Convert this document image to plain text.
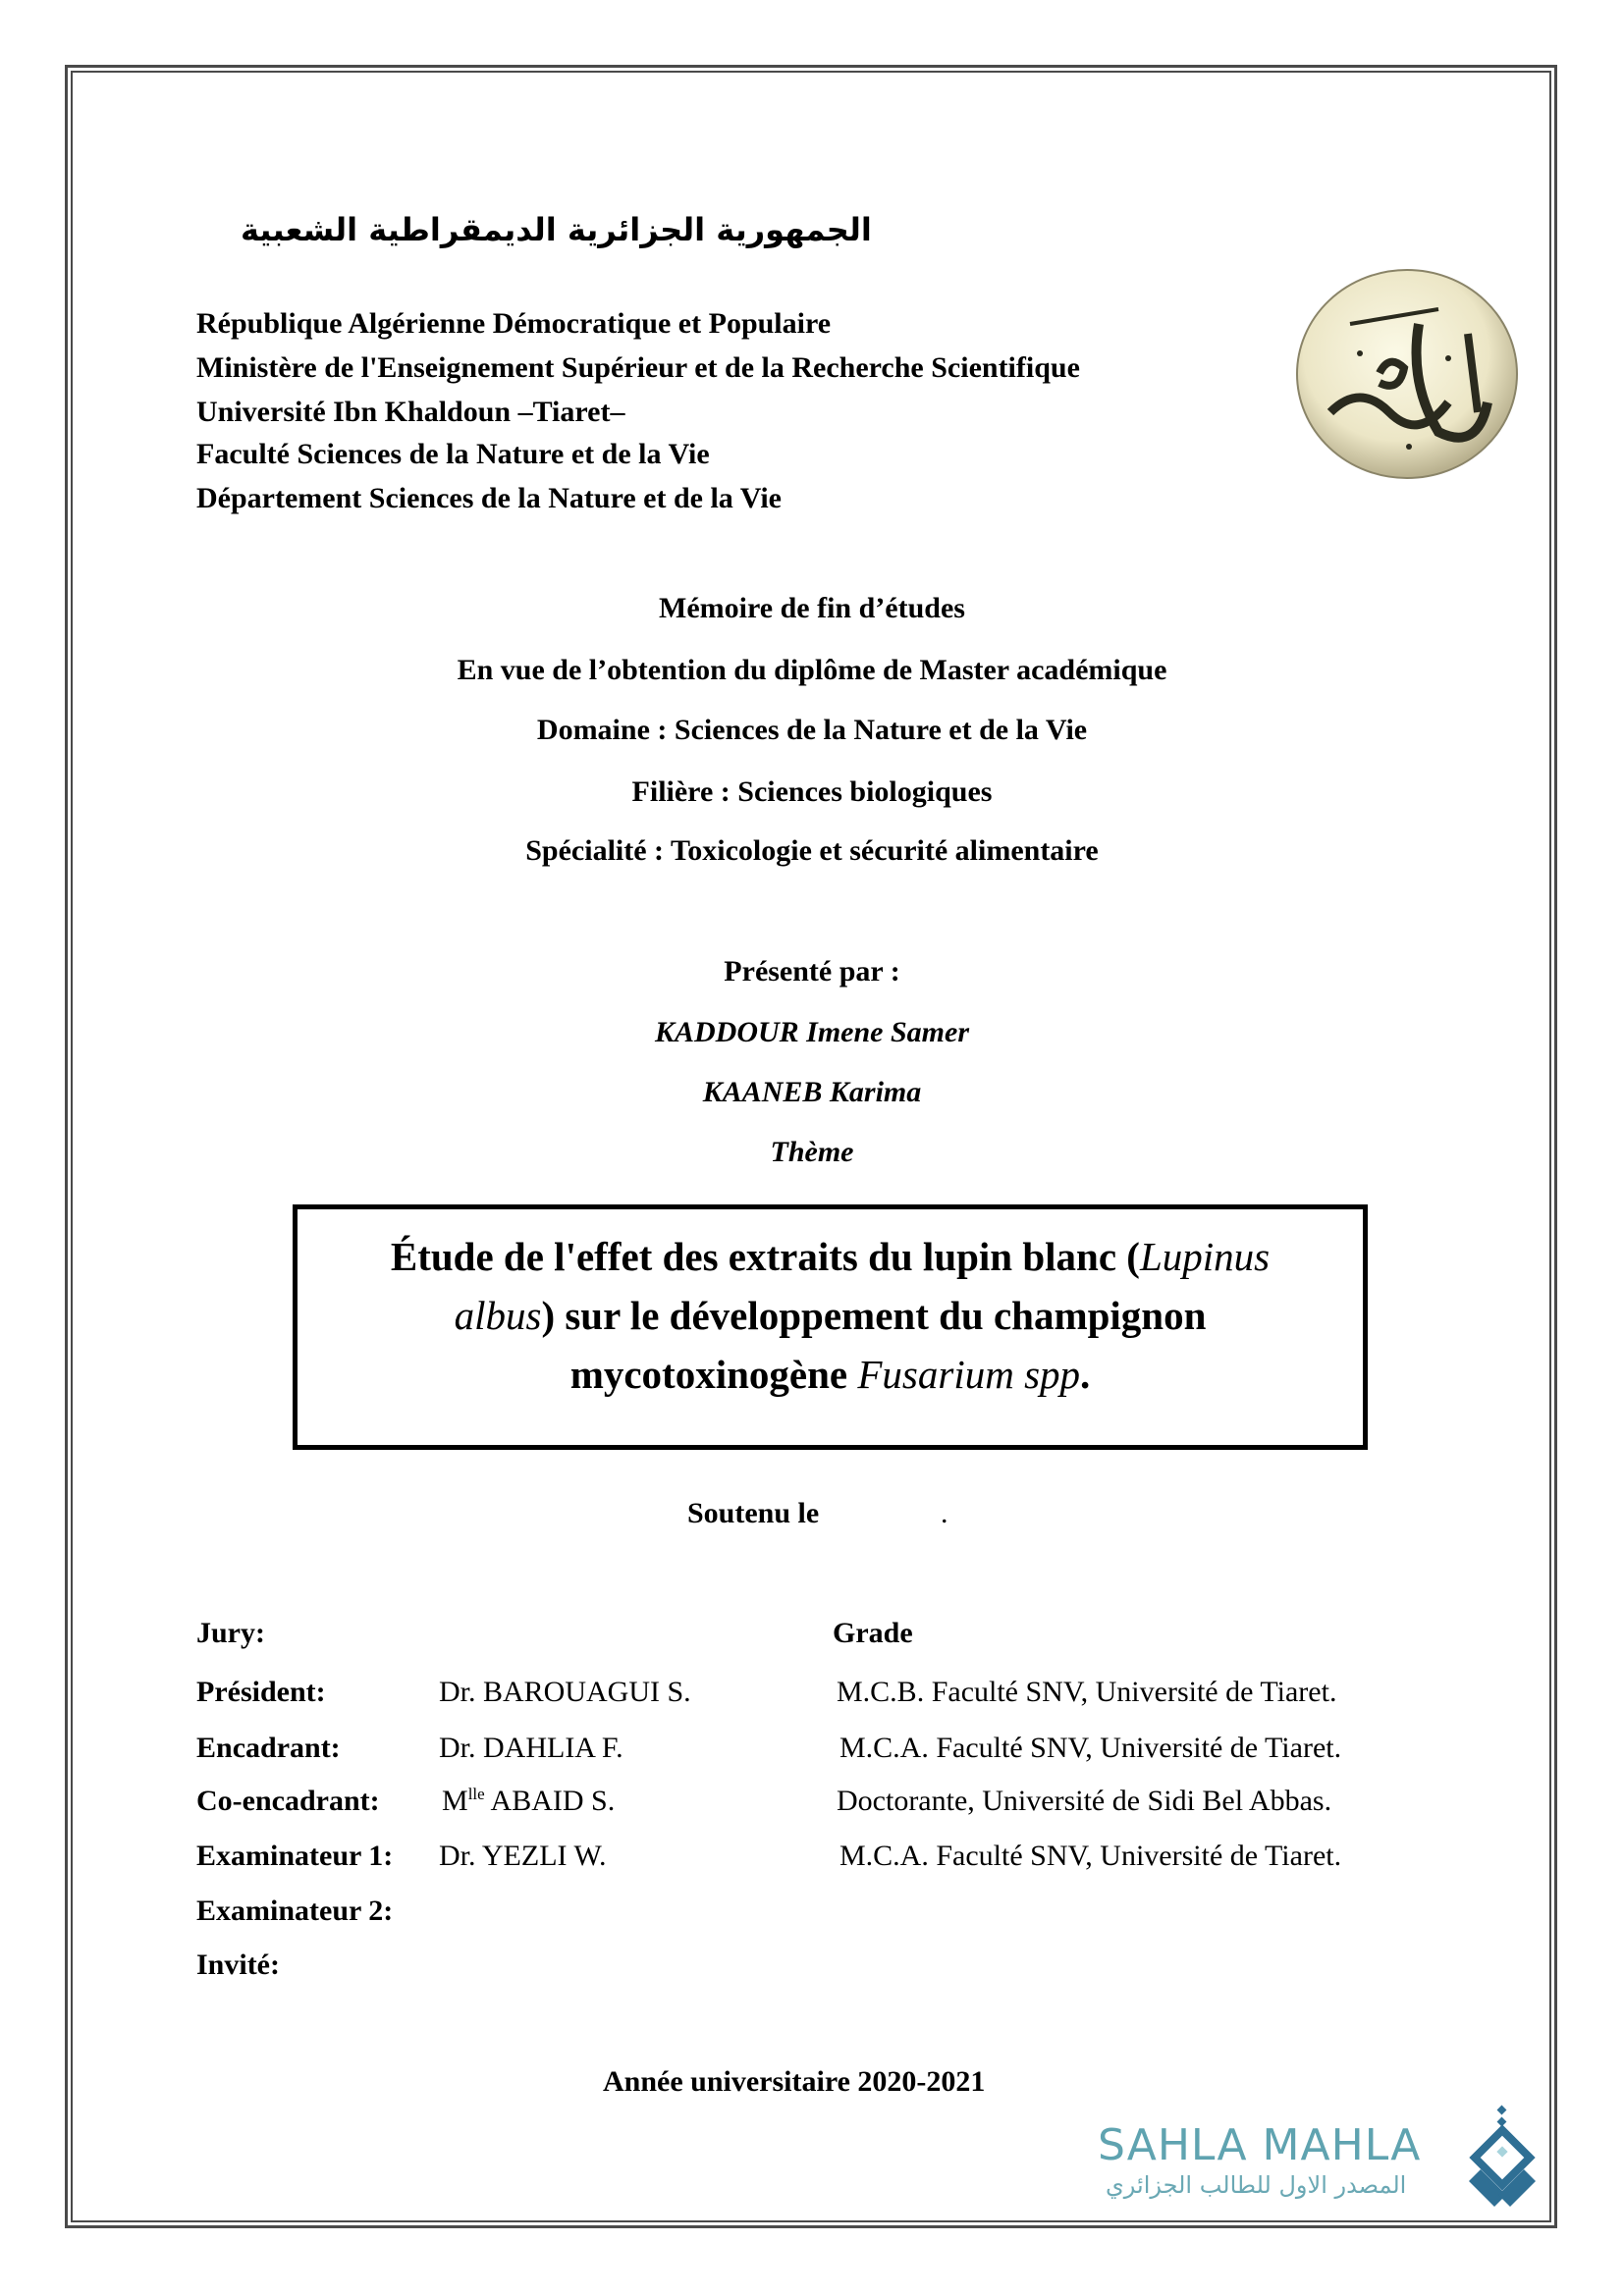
الجمهورية الجزائرية الديمقراطية الشعبية
République Algérienne Démocratique et Populaire
Ministère de l'Enseignement Supérieur et de la Recherche Scientifique
Université Ibn Khaldoun –Tiaret–
Faculté Sciences de la Nature et de la Vie
Département Sciences de la Nature et de la Vie
Mémoire de fin d’études
En vue de l’obtention du diplôme de Master académique
Domaine : Sciences de la Nature et de la Vie
Filière : Sciences biologiques
Spécialité : Toxicologie et sécurité alimentaire
Présenté par :
KADDOUR Imene Samer
KAANEB Karima
Thème
Étude de l'effet des extraits du lupin blanc (Lupinus
albus) sur le développement du champignon
mycotoxinogène Fusarium spp.
Soutenu le	.
Jury:	Grade
Président:	Dr. BAROUAGUI S.	M.C.B. Faculté SNV, Université de Tiaret.
Encadrant:	Dr. DAHLIA F.	M.C.A. Faculté SNV, Université de Tiaret.
Co-encadrant: $M^{lle}$ ABAID S.	Doctorante, Université de Sidi Bel Abbas.
Examinateur 1: Dr. YEZLI W.	M.C.A. Faculté SNV, Université de Tiaret.
Examinateur 2:
Invité:
Année universitaire 2020-2021
SAHLA MAHLA
المصدر الاول للطالب الجزائري
